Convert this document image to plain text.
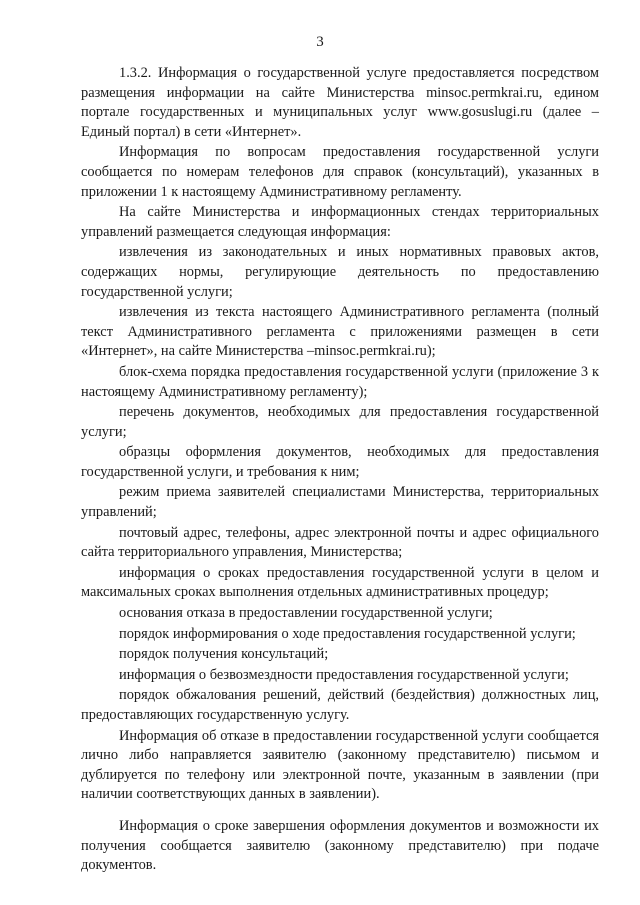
3

1.3.2. Информация о государственной услуге предоставляется посредством размещения информации на сайте Министерства minsoc.permkrai.ru, едином портале государственных и муниципальных услуг www.gosuslugi.ru (далее – Единый портал) в сети «Интернет».

Информация по вопросам предоставления государственной услуги сообщается по номерам телефонов для справок (консультаций), указанных в приложении 1 к настоящему Административному регламенту.

На сайте Министерства и информационных стендах территориальных управлений размещается следующая информация:

извлечения из законодательных и иных нормативных правовых актов, содержащих нормы, регулирующие деятельность по предоставлению государственной услуги;

извлечения из текста настоящего Административного регламента (полный текст Административного регламента с приложениями размещен в сети «Интернет», на сайте Министерства –minsoc.permkrai.ru);

блок-схема порядка предоставления государственной услуги (приложение 3 к настоящему Административному регламенту);

перечень документов, необходимых для предоставления государственной услуги;

образцы оформления документов, необходимых для предоставления государственной услуги, и требования к ним;

режим приема заявителей специалистами Министерства, территориальных управлений;

почтовый адрес, телефоны, адрес электронной почты и адрес официального сайта территориального управления, Министерства;

информация о сроках предоставления государственной услуги в целом и максимальных сроках выполнения отдельных административных процедур;

основания отказа в предоставлении государственной услуги;

порядок информирования о ходе предоставления государственной услуги;

порядок получения консультаций;

информация о безвозмездности предоставления государственной услуги;

порядок обжалования решений, действий (бездействия) должностных лиц, предоставляющих государственную услугу.

Информация об отказе в предоставлении государственной услуги сообщается лично либо направляется заявителю (законному представителю) письмом и дублируется по телефону или электронной почте, указанным в заявлении (при наличии соответствующих данных в заявлении).

Информация о сроке завершения оформления документов и возможности их получения сообщается заявителю (законному представителю) при подаче документов.
